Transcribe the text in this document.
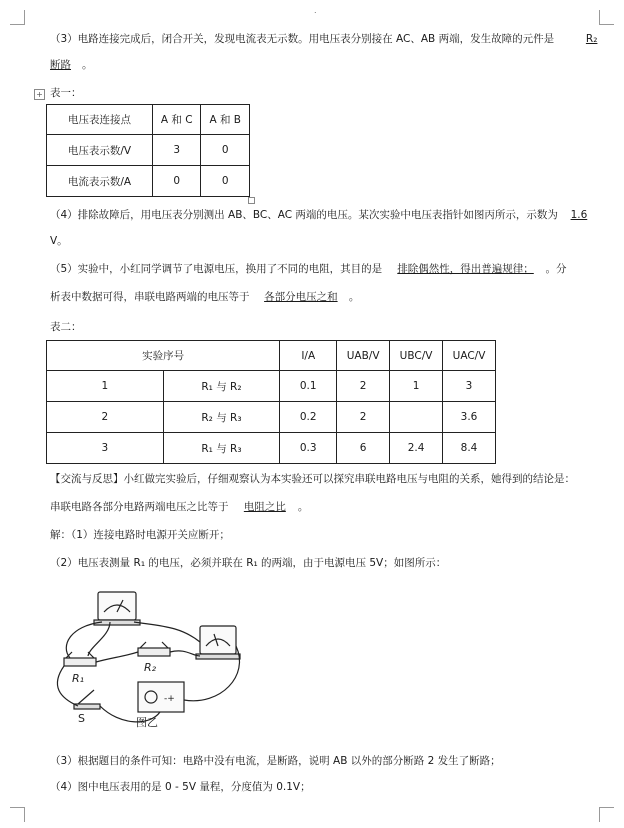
.
（3）电路连接完成后，闭合开关，发现电流表无示数。用电压表分别接在 AC、AB 两端，发生故障的元件是	R₂
断路 。
+ 表一：
电压表连接点	A 和 C	A 和 B
电压表示数/V	3	0
电流表示数/A	0	0
（4）排除故障后，用电压表分别测出 AB、BC、AC 两端的电压。某次实验中电压表指针如图丙所示，示数为 1.6
V。
（5）实验中，小红同学调节了电源电压，换用了不同的电阻，其目的是 排除偶然性，得出普遍规律； 。分
析表中数据可得，串联电路两端的电压等于 各部分电压之和 。
表二：
实验序号		I/A	UAB/V	UBC/V	UAC/V
1	R₁ 与 R₂	0.1	2	1	3
2	R₂ 与 R₃	0.2	2		3.6
3	R₁ 与 R₃	0.3	6	2.4	8.4
【交流与反思】小红做完实验后，仔细观察认为本实验还可以探究串联电路电压与电阻的关系，她得到的结论是：
串联电路各部分电路两端电压之比等于 电阻之比 。
解：（1）连接电路时电源开关应断开；
（2）电压表测量 R₁ 的电压，必须并联在 R₁ 的两端，由于电源电压 5V；如图所示：
R₁
R₂
S
-+
图乙
（3）根据题目的条件可知：电路中没有电流，是断路，说明 AB 以外的部分断路 2 发生了断路；
（4）图中电压表用的是 0 - 5V 量程，分度值为 0.1V；
